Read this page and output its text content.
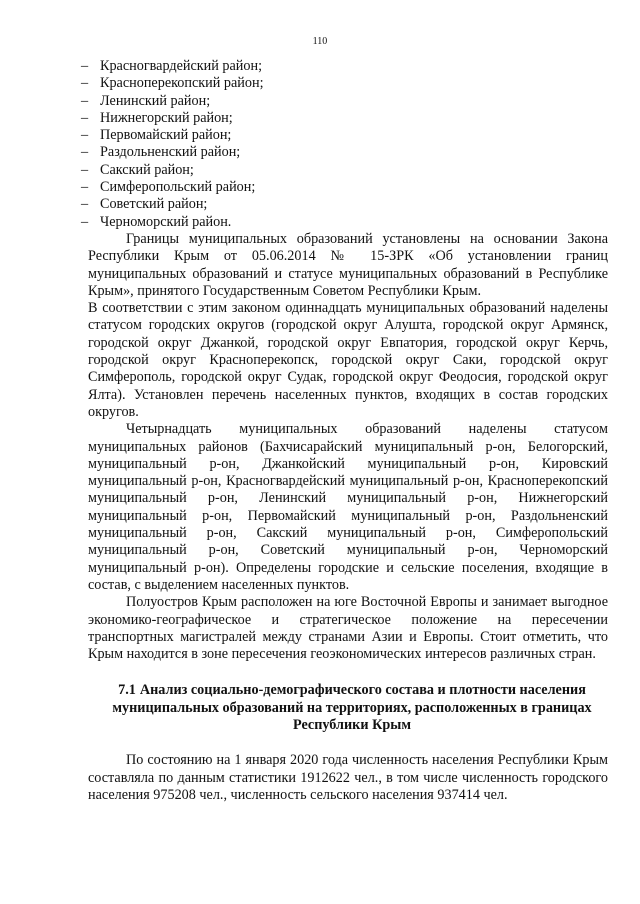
110
– Красногвардейский район;
– Красноперекопский район;
– Ленинский район;
– Нижнегорский район;
– Первомайский район;
– Раздольненский район;
– Сакский район;
– Симферопольский район;
– Советский район;
– Черноморский район.

Границы муниципальных образований установлены на основании Закона Республики Крым от 05.06.2014 № 15-ЗРК «Об установлении границ муниципальных образований и статусе муниципальных образований в Республике Крым», принятого Государственным Советом Республики Крым.

В соответствии с этим законом одиннадцать муниципальных образований наделены статусом городских округов (городской округ Алушта, городской округ Армянск, городской округ Джанкой, городской округ Евпатория, городской округ Керчь, городской округ Красноперекопск, городской округ Саки, городской округ Симферополь, городской округ Судак, городской округ Феодосия, городской округ Ялта). Установлен перечень населенных пунктов, входящих в состав городских округов.

Четырнадцать муниципальных образований наделены статусом муниципальных районов (Бахчисарайский муниципальный р-он, Белогорский, муниципальный р-он, Джанкойский муниципальный р-он, Кировский муниципальный р-он, Красногвардейский муниципальный р-он, Красноперекопский муниципальный р-он, Ленинский муниципальный р-он, Нижнегорский муниципальный р-он, Первомайский муниципальный р-он, Раздольненский муниципальный р-он, Сакский муниципальный р-он, Симферопольский муниципальный р-он, Советский муниципальный р-он, Черноморский муниципальный р-он). Определены городские и сельские поселения, входящие в состав, с выделением населенных пунктов.

Полуостров Крым расположен на юге Восточной Европы и занимает выгодное экономико-географическое и стратегическое положение на пересечении транспортных магистралей между странами Азии и Европы. Стоит отметить, что Крым находится в зоне пересечения геоэкономических интересов различных стран.

7.1 Анализ социально-демографического состава и плотности населения муниципальных образований на территориях, расположенных в границах Республики Крым

По состоянию на 1 января 2020 года численность населения Республики Крым составляла по данным статистики 1912622 чел., в том числе численность городского населения 975208 чел., численность сельского населения 937414 чел.
